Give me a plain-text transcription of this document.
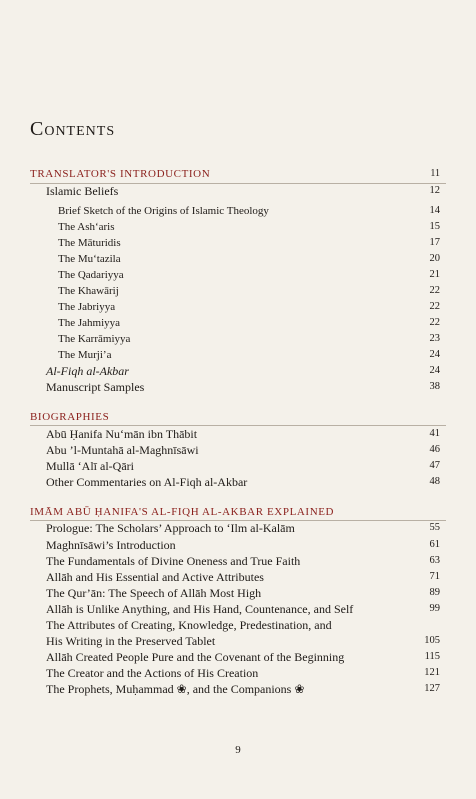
Contents
TRANSLATOR'S INTRODUCTION	11
Islamic Beliefs	12
Brief Sketch of the Origins of Islamic Theology	14
The Ash‘aris	15
The Māturidis	17
The Mu‘tazila	20
The Qadariyya	21
The Khawārij	22
The Jabriyya	22
The Jahmiyya	22
The Karrāmiyya	23
The Murji’a	24
Al-Fiqh al-Akbar	24
Manuscript Samples	38
BIOGRAPHIES
Abū Ḥanifa Nu‘mān ibn Thābit	41
Abu ’l-Muntahā al-Maghnīsāwi	46
Mullā ‘Alī al-Qāri	47
Other Commentaries on Al-Fiqh al-Akbar	48
IMĀM ABŪ ḤANIFA'S AL-FIQH AL-AKBAR EXPLAINED
Prologue: The Scholars’ Approach to ‘Ilm al-Kalām	55
Maghnīsāwi’s Introduction	61
The Fundamentals of Divine Oneness and True Faith	63
Allāh and His Essential and Active Attributes	71
The Qur’ān: The Speech of Allāh Most High	89
Allāh is Unlike Anything, and His Hand, Countenance, and Self	99
The Attributes of Creating, Knowledge, Predestination, and
His Writing in the Preserved Tablet	105
Allāh Created People Pure and the Covenant of the Beginning	115
The Creator and the Actions of His Creation	121
The Prophets, Muḥammad ❀, and the Companions ❀	127
9
